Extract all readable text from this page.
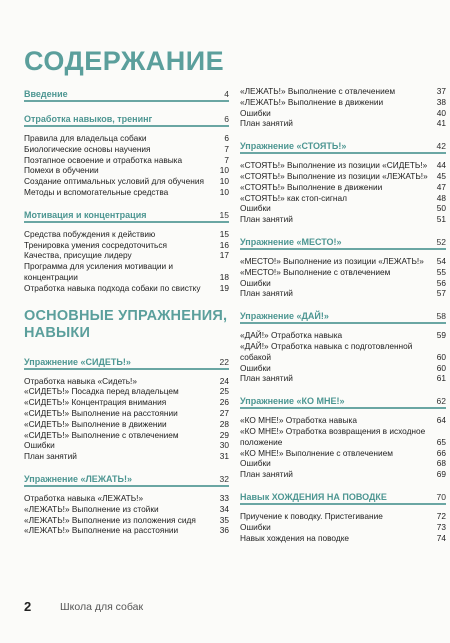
СОДЕРЖАНИЕ
Введение	4
Отработка навыков, тренинг	6
Правила для владельца собаки	6
Биологические основы научения	7
Поэтапное освоение и отработка навыка	7
Помехи в обучении	10
Создание оптимальных условий для обучения	10
Методы и вспомогательные средства	10
Мотивация и концентрация	15
Средства побуждения к действию	15
Тренировка умения сосредоточиться	16
Качества, присущие лидеру	17
Программа для усиления мотивации и концентрации	18
Отработка навыка подхода собаки по свистку	19
ОСНОВНЫЕ УПРАЖНЕНИЯ, НАВЫКИ
Упражнение «СИДЕТЬ!»	22
Отработка навыка «Сидеть!»	24
«СИДЕТЬ!» Посадка перед владельцем	25
«СИДЕТЬ!» Концентрация внимания	26
«СИДЕТЬ!» Выполнение на расстоянии	27
«СИДЕТЬ!» Выполнение в движении	28
«СИДЕТЬ!» Выполнение с отвлечением	29
Ошибки	30
План занятий	31
Упражнение «ЛЕЖАТЬ!»	32
Отработка навыка «ЛЕЖАТЬ!»	33
«ЛЕЖАТЬ!» Выполнение из стойки	34
«ЛЕЖАТЬ!» Выполнение из положения сидя	35
«ЛЕЖАТЬ!» Выполнение на расстоянии	36
«ЛЕЖАТЬ!» Выполнение с отвлечением	37
«ЛЕЖАТЬ!» Выполнение в движении	38
Ошибки	40
План занятий	41
Упражнение «СТОЯТЬ!»	42
«СТОЯТЬ!» Выполнение из позиции «СИДЕТЬ!»	44
«СТОЯТЬ!» Выполнение из позиции «ЛЕЖАТЬ!»	45
«СТОЯТЬ!» Выполнение в движении	47
«СТОЯТЬ!» как стоп-сигнал	48
Ошибки	50
План занятий	51
Упражнение «МЕСТО!»	52
«МЕСТО!» Выполнение из позиции «ЛЕЖАТЬ!»	54
«МЕСТО!» Выполнение с отвлечением	55
Ошибки	56
План занятий	57
Упражнение «ДАЙ!»	58
«ДАЙ!» Отработка навыка	59
«ДАЙ!» Отработка навыка с подготовленной собакой	60
Ошибки	60
План занятий	61
Упражнение «КО МНЕ!»	62
«КО МНЕ!» Отработка навыка	64
«КО МНЕ!» Отработка возвращения в исходное положение	65
«КО МНЕ!» Выполнение с отвлечением	66
Ошибки	68
План занятий	69
Навык ХОЖДЕНИЯ НА ПОВОДКЕ	70
Приучение к поводку. Пристегивание	72
Ошибки	73
Навык хождения на поводке	74
2	Школа для собак
